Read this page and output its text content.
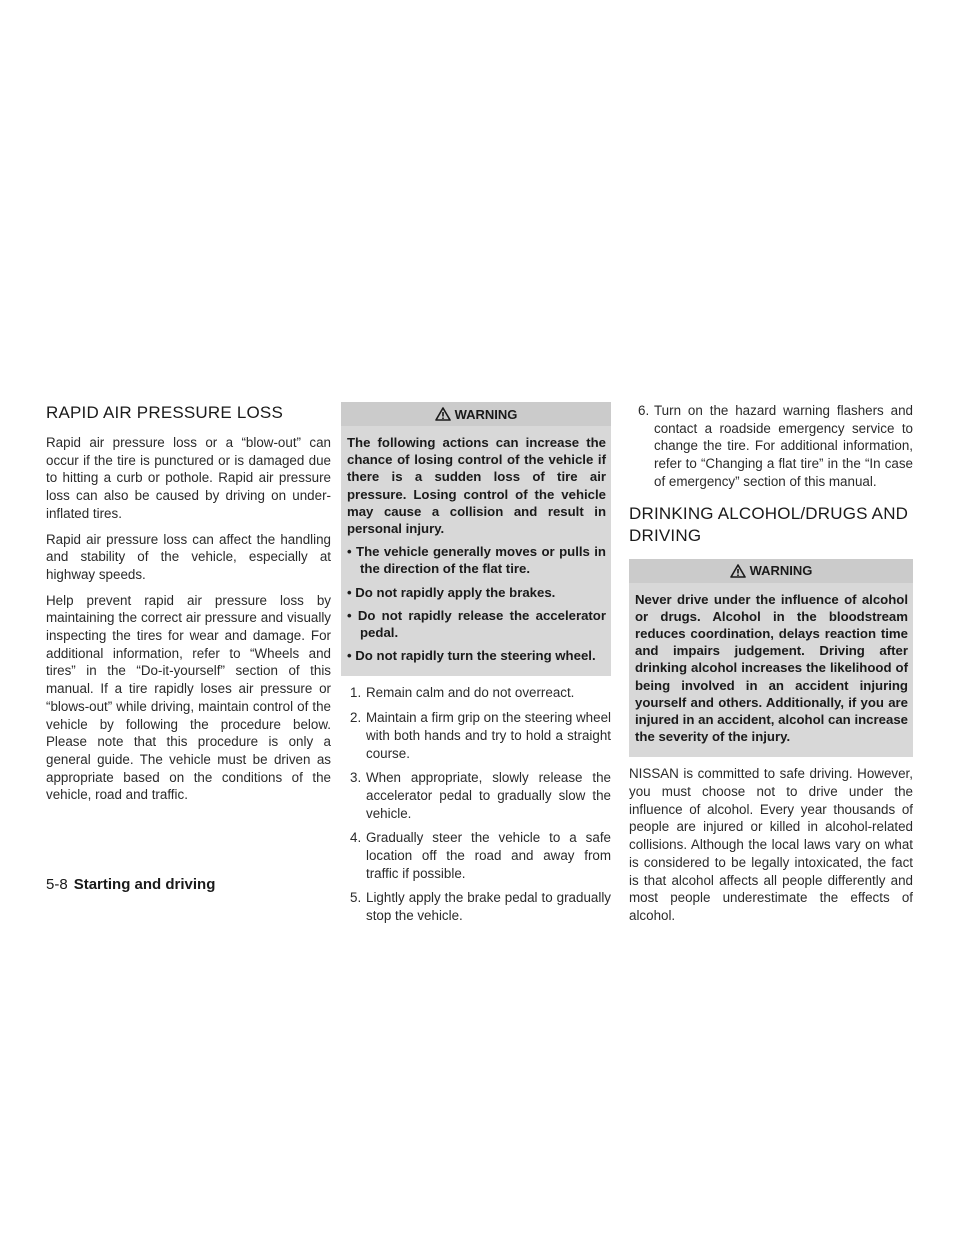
RAPID AIR PRESSURE LOSS

Rapid air pressure loss or a “blow-out” can occur if the tire is punctured or is damaged due to hitting a curb or pothole. Rapid air pressure loss can also be caused by driving on under-inflated tires.

Rapid air pressure loss can affect the handling and stability of the vehicle, especially at highway speeds.

Help prevent rapid air pressure loss by maintaining the correct air pressure and visually inspecting the tires for wear and damage. For additional information, refer to “Wheels and tires” in the “Do-it-yourself” section of this manual. If a tire rapidly loses air pressure or “blows-out” while driving, maintain control of the vehicle by following the procedure below. Please note that this procedure is only a general guide. The vehicle must be driven as appropriate based on the conditions of the vehicle, road and traffic.

WARNING

The following actions can increase the chance of losing control of the vehicle if there is a sudden loss of tire air pressure. Losing control of the vehicle may cause a collision and result in personal injury.

• The vehicle generally moves or pulls in the direction of the flat tire.

• Do not rapidly apply the brakes.

• Do not rapidly release the accelerator pedal.

• Do not rapidly turn the steering wheel.

1. Remain calm and do not overreact.
2. Maintain a firm grip on the steering wheel with both hands and try to hold a straight course.
3. When appropriate, slowly release the accelerator pedal to gradually slow the vehicle.
4. Gradually steer the vehicle to a safe location off the road and away from traffic if possible.
5. Lightly apply the brake pedal to gradually stop the vehicle.
6. Turn on the hazard warning flashers and contact a roadside emergency service to change the tire. For additional information, refer to “Changing a flat tire” in the “In case of emergency” section of this manual.
DRINKING ALCOHOL/DRUGS AND
DRIVING
WARNING

Never drive under the influence of alcohol or drugs. Alcohol in the bloodstream reduces coordination, delays reaction time and impairs judgement. Driving after drinking alcohol increases the likelihood of being involved in an accident injuring yourself and others. Additionally, if you are injured in an accident, alcohol can increase the severity of the injury.

NISSAN is committed to safe driving. However, you must choose not to drive under the influence of alcohol. Every year thousands of people are injured or killed in alcohol-related collisions. Although the local laws vary on what is considered to be legally intoxicated, the fact is that alcohol affects all people differently and most people underestimate the effects of alcohol.

5-8 Starting and driving
